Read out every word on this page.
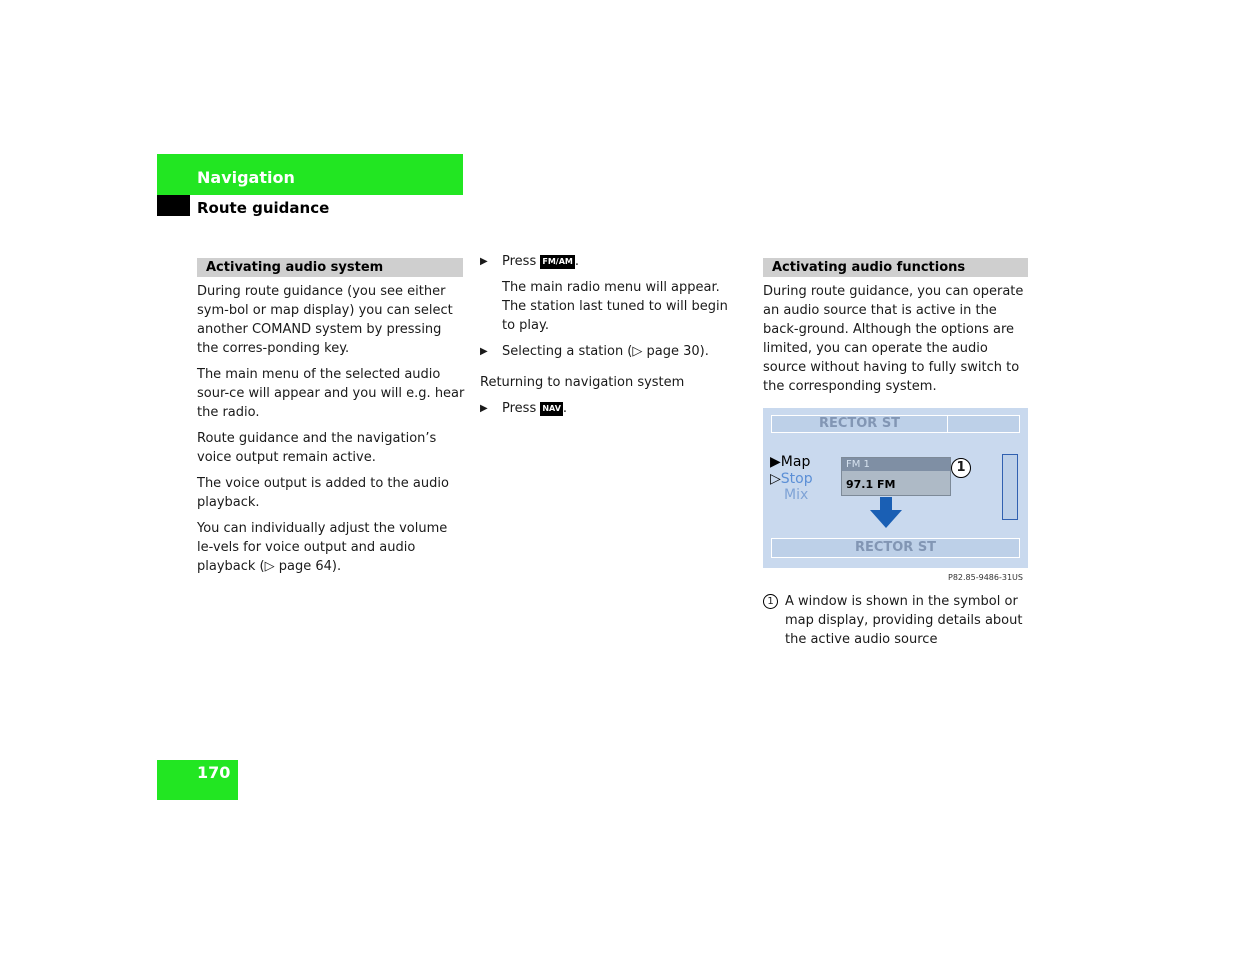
Navigation
Route guidance
Activating audio system

During route guidance (you see either sym-bol or map display) you can select another COMAND system by pressing the corres-ponding key.

The main menu of the selected audio sour-ce will appear and you will e.g. hear the radio.

Route guidance and the navigation’s voice output remain active.

The voice output is added to the audio playback.

You can individually adjust the volume le-vels for voice output and audio playback (▷ page 64).

▶	Press FM/AM .

The main radio menu will appear. The station last tuned to will begin to play.

▶	Selecting a station (▷ page 30).

Returning to navigation system

▶	Press NAV .
Activating audio functions

During route guidance, you can operate an audio source that is active in the back-ground. Although the options are limited, you can operate the audio source without having to fully switch to the corresponding system.

RECTOR ST
▶Map
▷Stop
Mix
FM 1
97.1 FM
1
RECTOR ST
P82.85-9486-31US
1 A window is shown in the symbol or map display, providing details about the active audio source
170
